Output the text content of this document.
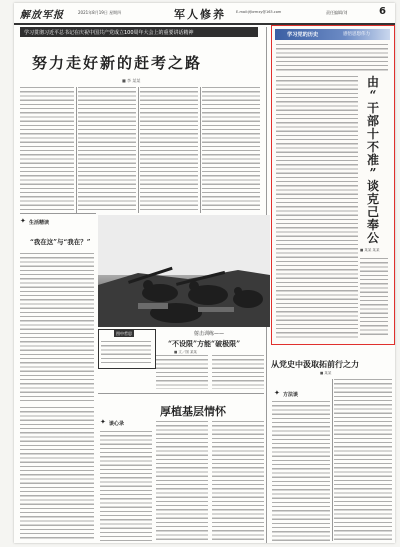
解放军报	2021年8月19日 星期四	军人修养	E-mail:jfjbrmxy@163.com	责任编辑/刘	6
学习贯彻习近平总书记在庆祝中国共产党成立100周年大会上的重要讲话精神
努力走好新的赶考之路
■ 李 某某
✦ 生活精读
“我在这”与“我在？”
图中哲思	射击训练——
“不设限”方能“破极限”
■ 文／图 某某
厚植基层情怀
✦ 谈心录
学习党的历史	感悟思想伟力
由
“
干
部
十
不
准
”
谈
克
己
奉
公
■ 某某 某某
从党史中汲取拓前行之力
■ 某某
✦ 方法谈
